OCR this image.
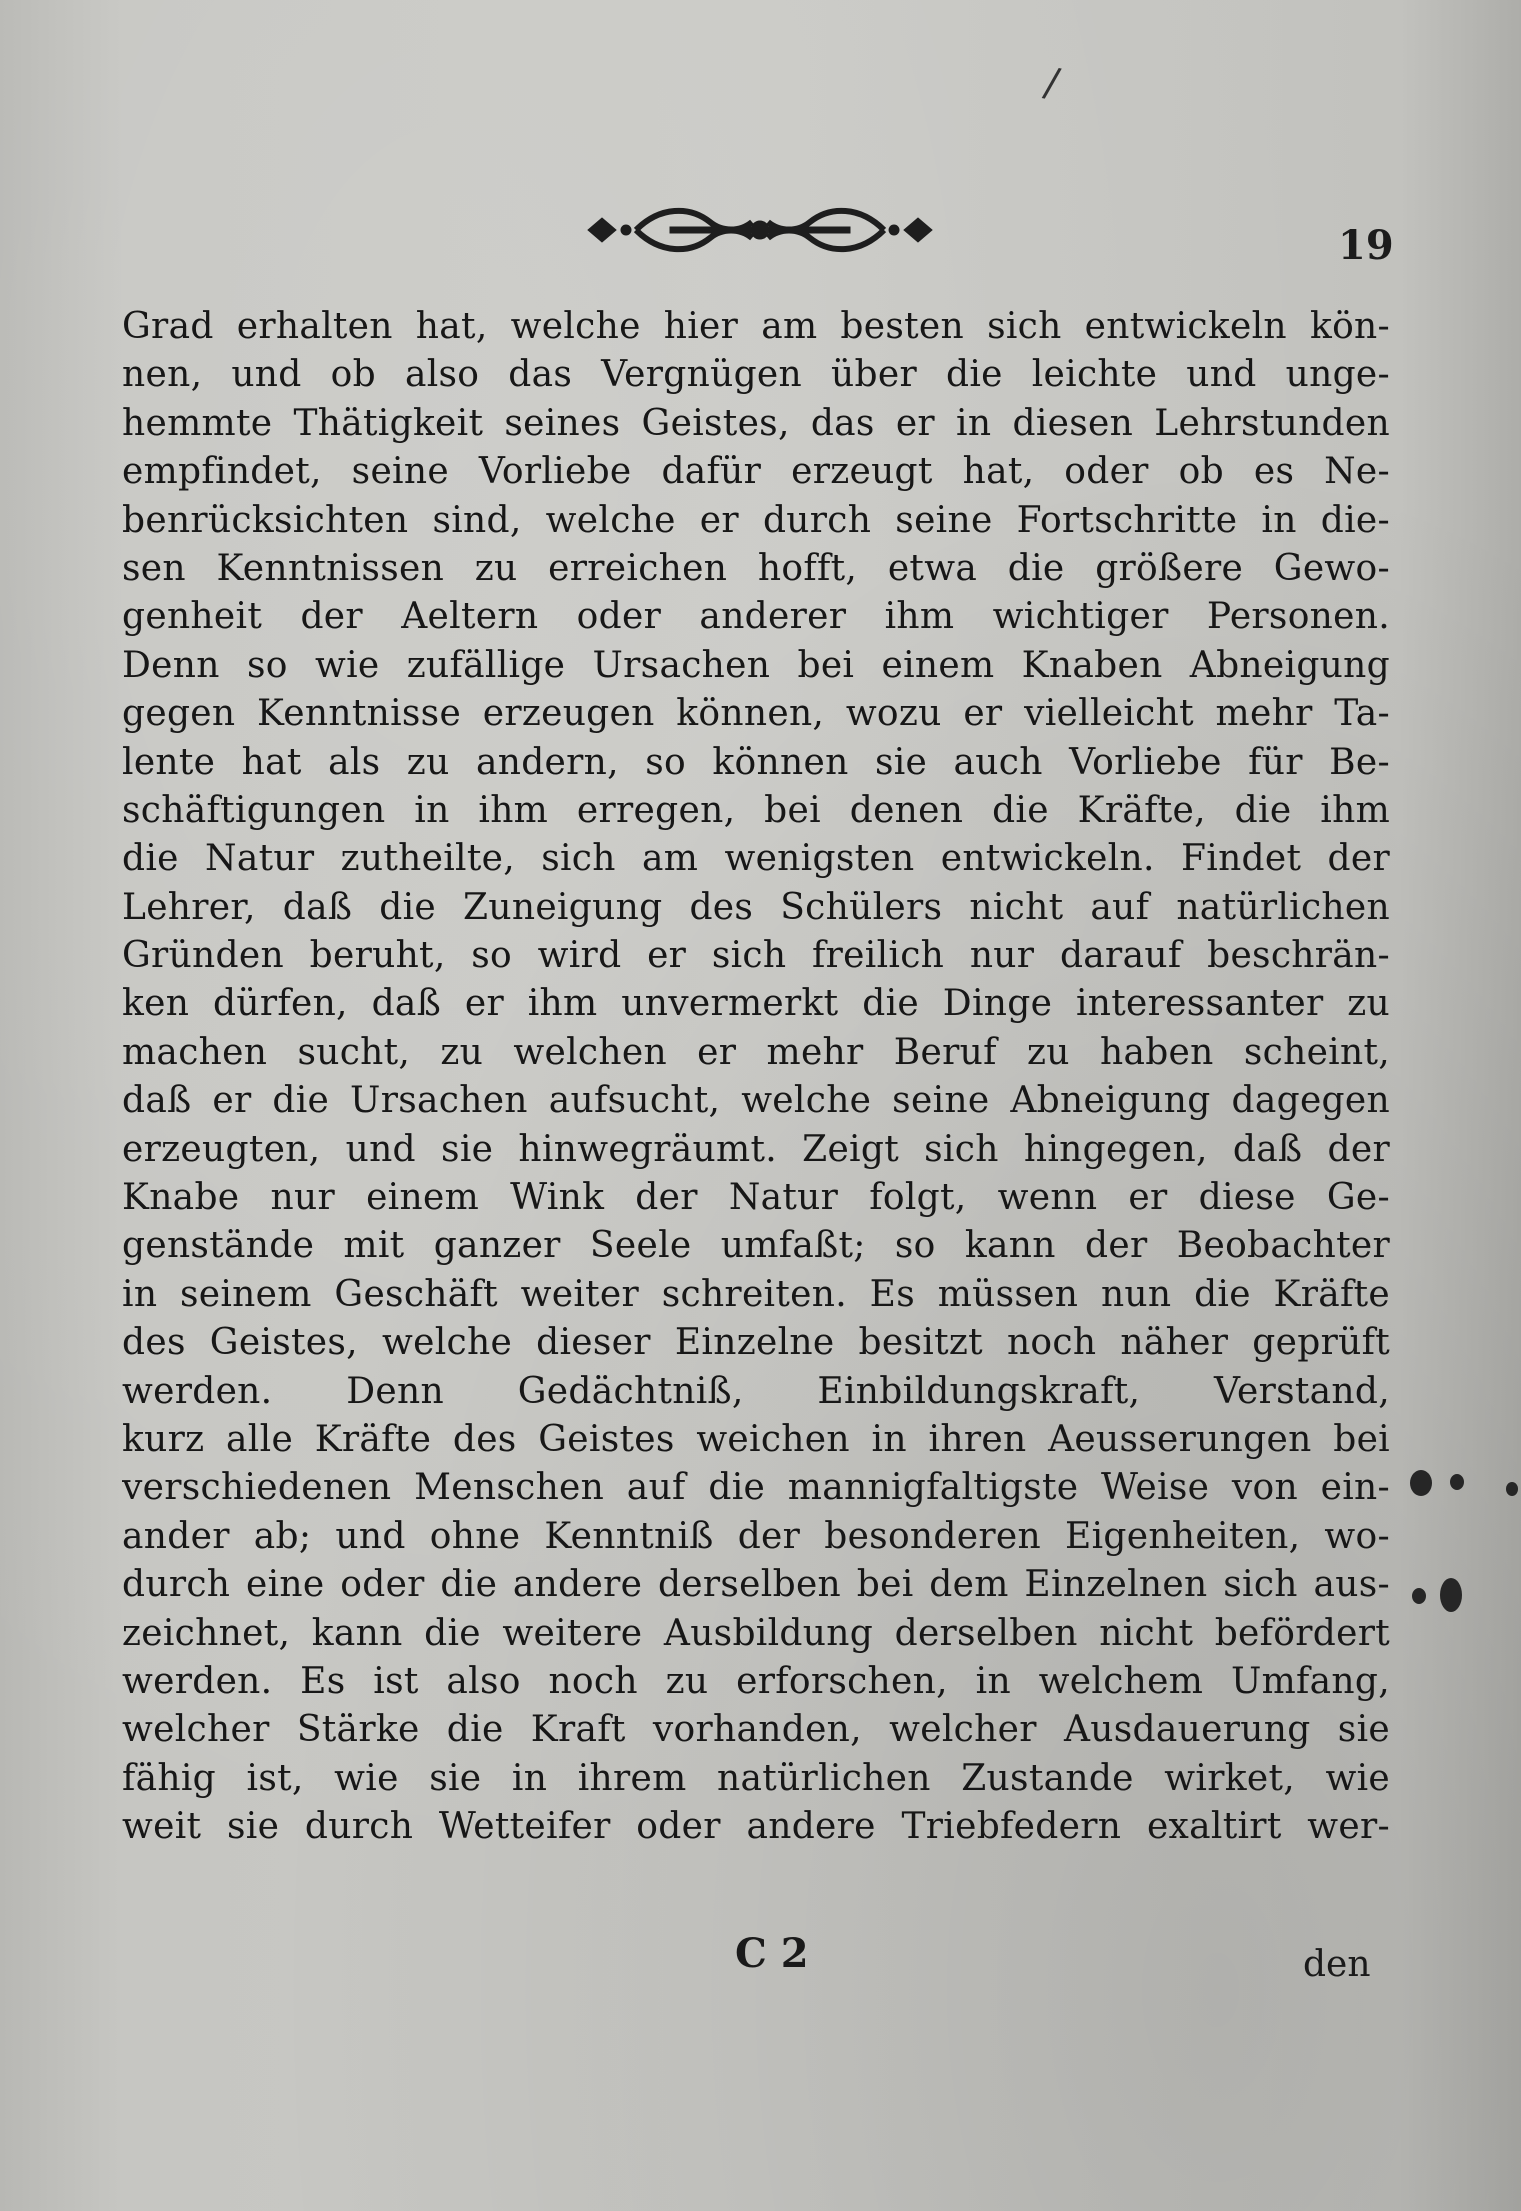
/
19
Grad erhalten hat, welche hier am besten sich entwickeln kön-
nen, und ob also das Vergnügen über die leichte und unge-
hemmte Thätigkeit seines Geistes, das er in diesen Lehrstunden
empfindet, seine Vorliebe dafür erzeugt hat, oder ob es Ne-
benrücksichten sind, welche er durch seine Fortschritte in die-
sen Kenntnissen zu erreichen hofft, etwa die größere Gewo-
genheit der Aeltern oder anderer ihm wichtiger Personen.
Denn so wie zufällige Ursachen bei einem Knaben Abneigung
gegen Kenntnisse erzeugen können, wozu er vielleicht mehr Ta-
lente hat als zu andern, so können sie auch Vorliebe für Be-
schäftigungen in ihm erregen, bei denen die Kräfte, die ihm
die Natur zutheilte, sich am wenigsten entwickeln. Findet der
Lehrer, daß die Zuneigung des Schülers nicht auf natürlichen
Gründen beruht, so wird er sich freilich nur darauf beschrän-
ken dürfen, daß er ihm unvermerkt die Dinge interessanter zu
machen sucht, zu welchen er mehr Beruf zu haben scheint,
daß er die Ursachen aufsucht, welche seine Abneigung dagegen
erzeugten, und sie hinwegräumt. Zeigt sich hingegen, daß der
Knabe nur einem Wink der Natur folgt, wenn er diese Ge-
genstände mit ganzer Seele umfaßt; so kann der Beobachter
in seinem Geschäft weiter schreiten. Es müssen nun die Kräfte
des Geistes, welche dieser Einzelne besitzt noch näher geprüft
werden. Denn Gedächtniß, Einbildungskraft, Verstand,
kurz alle Kräfte des Geistes weichen in ihren Aeusserungen bei
verschiedenen Menschen auf die mannigfaltigste Weise von ein-
ander ab; und ohne Kenntniß der besonderen Eigenheiten, wo-
durch eine oder die andere derselben bei dem Einzelnen sich aus-
zeichnet, kann die weitere Ausbildung derselben nicht befördert
werden. Es ist also noch zu erforschen, in welchem Umfang,
welcher Stärke die Kraft vorhanden, welcher Ausdauerung sie
fähig ist, wie sie in ihrem natürlichen Zustande wirket, wie
weit sie durch Wetteifer oder andere Triebfedern exaltirt wer-
C 2	den
